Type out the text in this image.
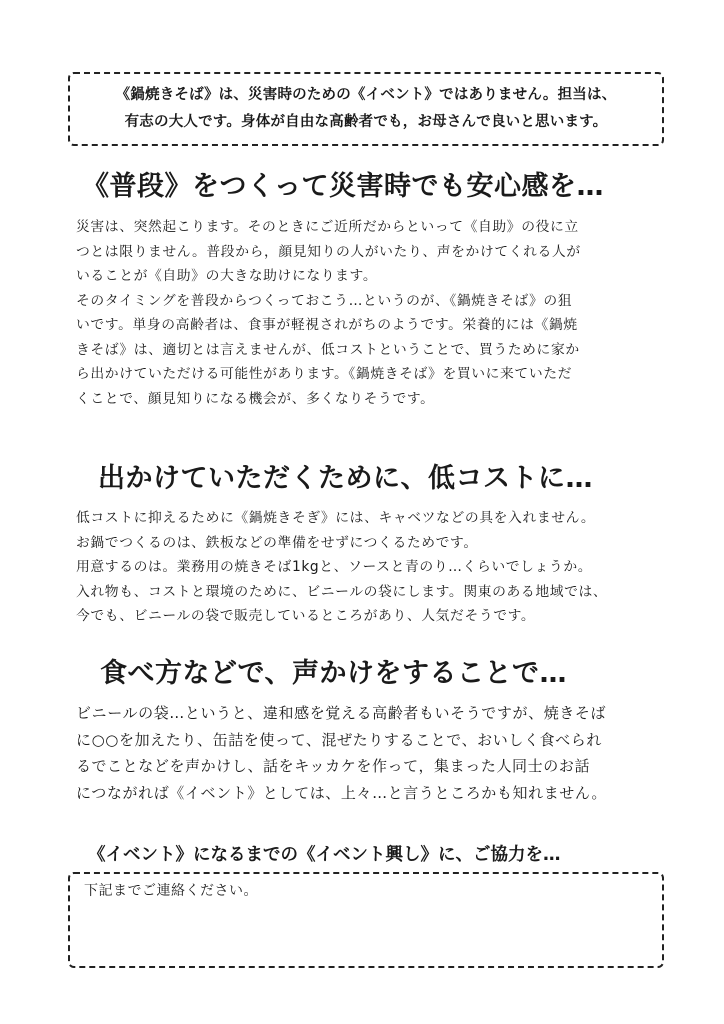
《鍋焼きそば》は、災害時のための《イベント》ではありません。担当は、
有志の大人です。身体が自由な高齢者でも，お母さんで良いと思います。
《普段》をつくって災害時でも安心感を…
災害は、突然起こります。そのときにご近所だからといって《自助》の役に立
つとは限りません。普段から，顔見知りの人がいたり、声をかけてくれる人が
いることが《自助》の大きな助けになります。
そのタイミングを普段からつくっておこう…というのが、《鍋焼きそば》の狙
いです。単身の高齢者は、食事が軽視されがちのようです。栄養的には《鍋焼
きそば》は、適切とは言えませんが、低コストということで、買うために家か
ら出かけていただける可能性があります。《鍋焼きそば》を買いに来ていただ
くことで、顔見知りになる機会が、多くなりそうです。
出かけていただくために、低コストに…
低コストに抑えるために《鍋焼きそぎ》には、キャベツなどの具を入れません。
お鍋でつくるのは、鉄板などの準備をせずにつくるためです。
用意するのは。業務用の焼きそば1kgと、ソースと青のり…くらいでしょうか。
入れ物も、コストと環境のために、ビニールの袋にします。関東のある地域では、
今でも、ビニールの袋で販売しているところがあり、人気だそうです。
食べ方などで、声かけをすることで…
ビニールの袋…というと、違和感を覚える高齢者もいそうですが、焼きそば
に○○を加えたり、缶詰を使って、混ぜたりすることで、おいしく食べられ
るでことなどを声かけし、話をキッカケを作って，集まった人同士のお話
につながれば《イベント》としては、上々…と言うところかも知れません。
《イベント》になるまでの《イベント興し》に、ご協力を…
下記までご連絡ください。
